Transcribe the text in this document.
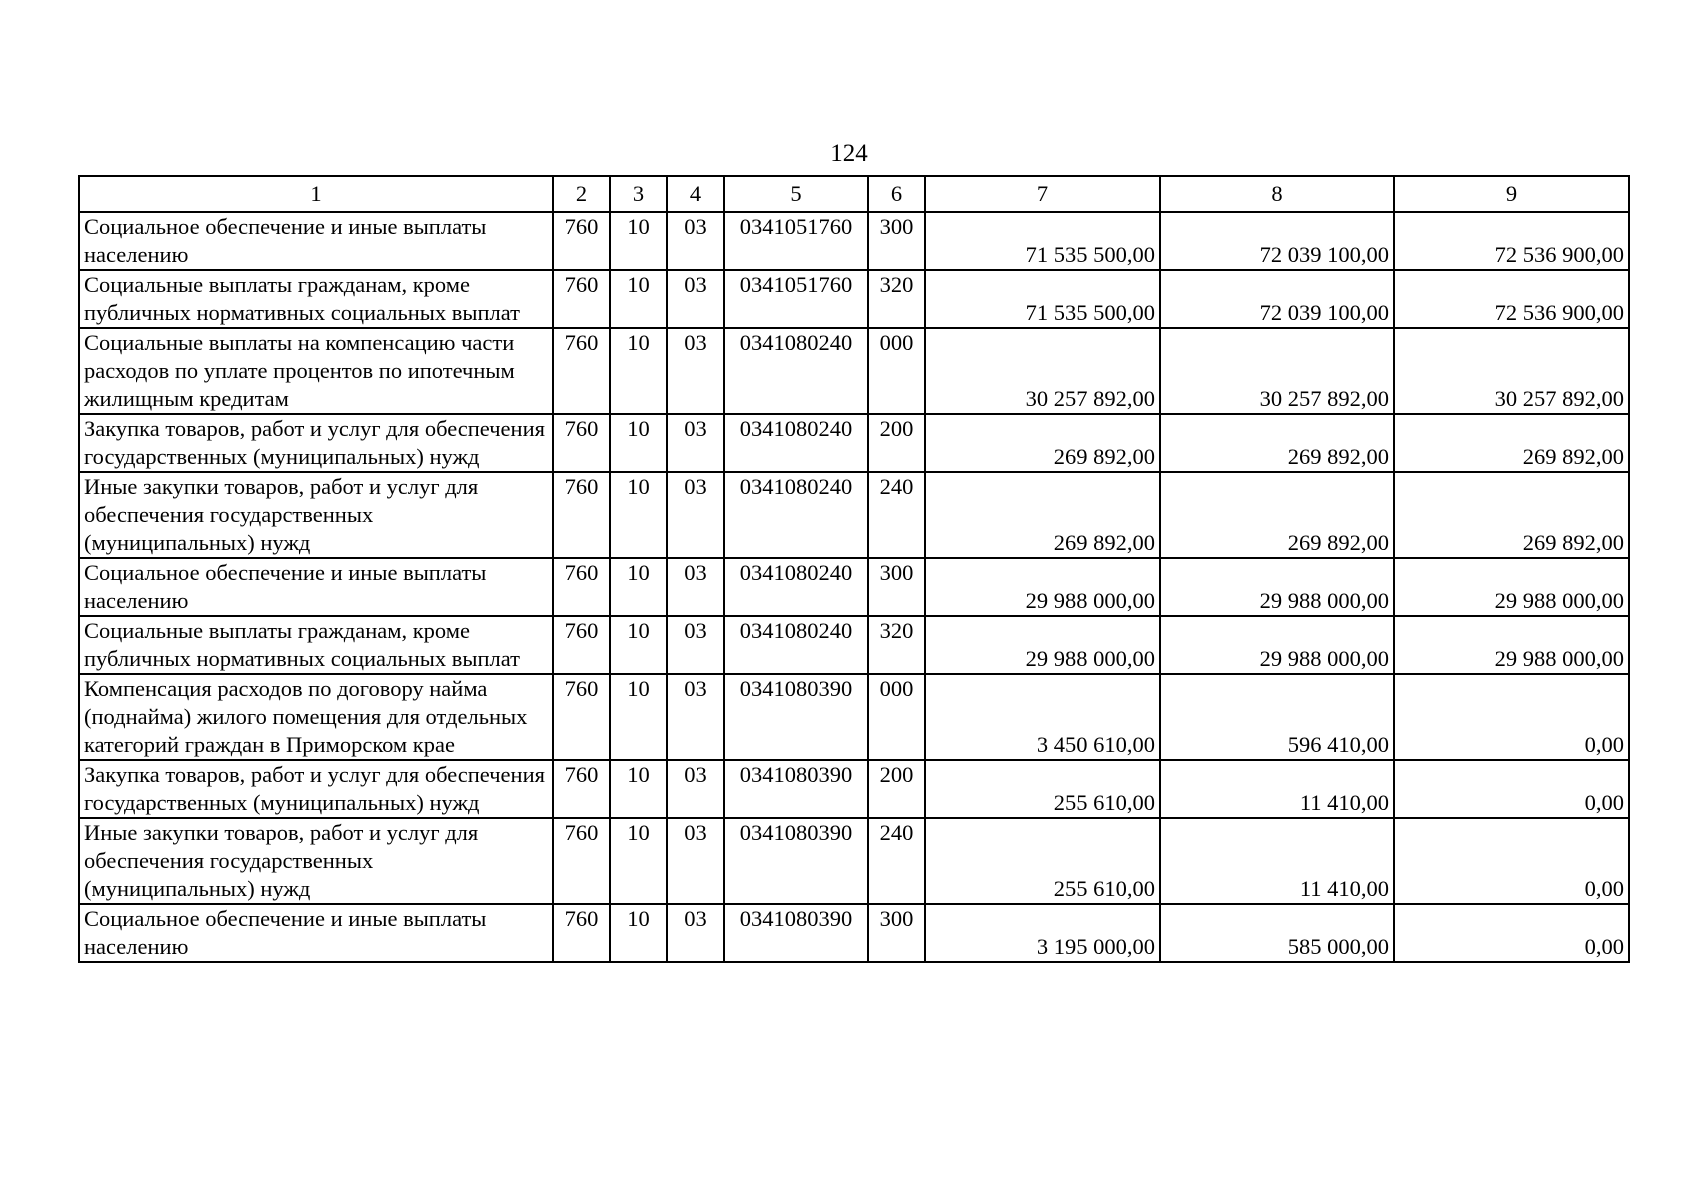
124
1	2	3	4	5	6	7	8	9
Социальное обеспечение и иные выплаты населению	760	10	03	0341051760	300	71 535 500,00	72 039 100,00	72 536 900,00
Социальные выплаты гражданам, кроме публичных нормативных социальных выплат	760	10	03	0341051760	320	71 535 500,00	72 039 100,00	72 536 900,00
Социальные выплаты на компенсацию части расходов по уплате процентов по ипотечным жилищным кредитам	760	10	03	0341080240	000	30 257 892,00	30 257 892,00	30 257 892,00
Закупка товаров, работ и услуг для обеспечения государственных (муниципальных) нужд	760	10	03	0341080240	200	269 892,00	269 892,00	269 892,00
Иные закупки товаров, работ и услуг для обеспечения государственных (муниципальных) нужд	760	10	03	0341080240	240	269 892,00	269 892,00	269 892,00
Социальное обеспечение и иные выплаты населению	760	10	03	0341080240	300	29 988 000,00	29 988 000,00	29 988 000,00
Социальные выплаты гражданам, кроме публичных нормативных социальных выплат	760	10	03	0341080240	320	29 988 000,00	29 988 000,00	29 988 000,00
Компенсация расходов по договору найма (поднайма) жилого помещения для отдельных категорий граждан в Приморском крае	760	10	03	0341080390	000	3 450 610,00	596 410,00	0,00
Закупка товаров, работ и услуг для обеспечения государственных (муниципальных) нужд	760	10	03	0341080390	200	255 610,00	11 410,00	0,00
Иные закупки товаров, работ и услуг для обеспечения государственных (муниципальных) нужд	760	10	03	0341080390	240	255 610,00	11 410,00	0,00
Социальное обеспечение и иные выплаты населению	760	10	03	0341080390	300	3 195 000,00	585 000,00	0,00
